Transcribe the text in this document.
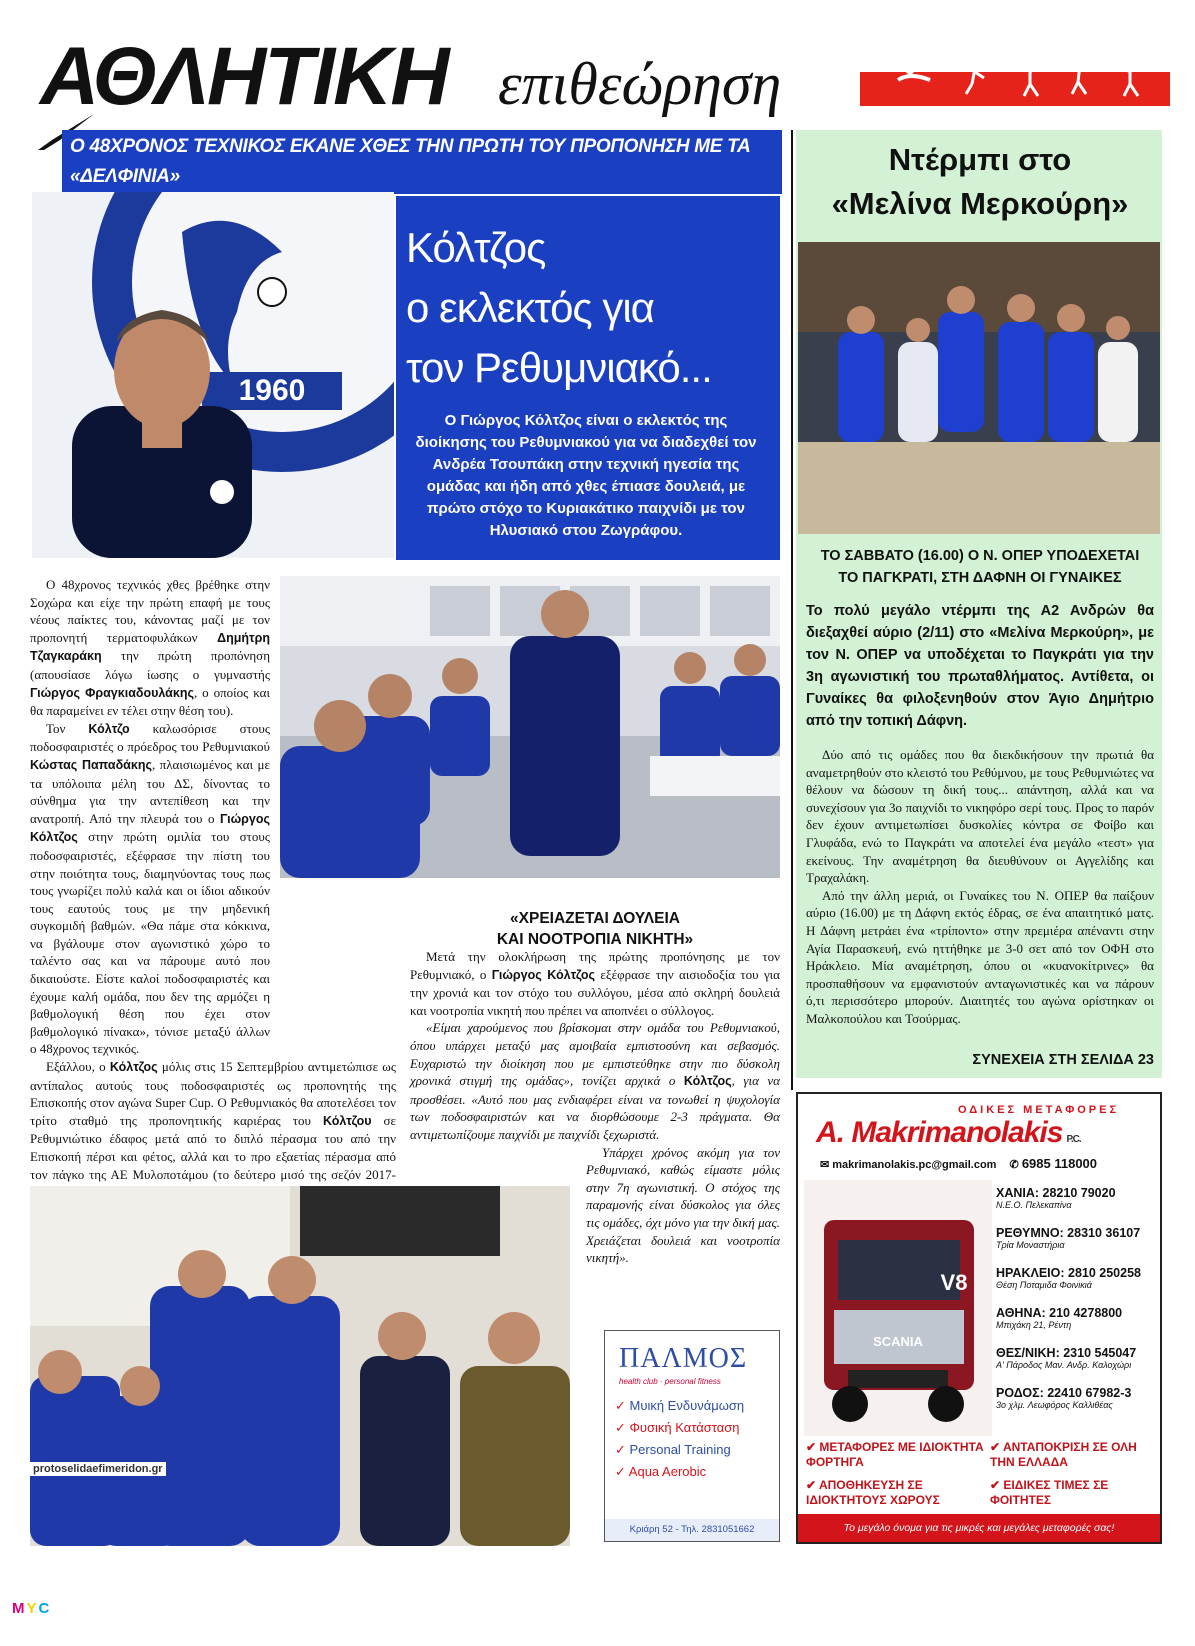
ΑΘΛΗΤΙΚΗ επιθεώρηση

Ο 48ΧΡΟΝΟΣ ΤΕΧΝΙΚΟΣ ΕΚΑΝΕ ΧΘΕΣ ΤΗΝ ΠΡΩΤΗ ΤΟΥ ΠΡΟΠΟΝΗΣΗ ΜΕ ΤΑ «ΔΕΛΦΙΝΙΑ»

1960
Κόλτζος
ο εκλεκτός για
τον Ρεθυμνιακό...

Ο Γιώργος Κόλτζος είναι ο εκλεκτός της διοίκησης του Ρεθυμνιακού για να διαδεχθεί τον Ανδρέα Τσουπάκη στην τεχνική ηγεσία της ομάδας και ήδη από χθες έπιασε δουλειά, με πρώτο στόχο το Κυριακάτικο παιχνίδι με τον Ηλυσιακό στου Ζωγράφου.

Ο 48χρονος τεχνικός χθες βρέθηκε στην Σοχώρα και είχε την πρώτη επαφή με τους νέους παίκτες του, κάνοντας μαζί με τον προπονητή τερματοφυλάκων Δημήτρη Τζαγκαράκη την πρώτη προπόνηση (απουσίασε λόγω ίωσης ο γυμναστής Γιώργος Φραγκιαδουλάκης, ο οποίος και θα παραμείνει εν τέλει στην θέση του).

Τον Κόλτζο καλωσόρισε στους ποδοσφαιριστές ο πρόεδρος του Ρεθυμνιακού Κώστας Παπαδάκης, πλαισιωμένος και με τα υπόλοιπα μέλη του ΔΣ, δίνοντας το σύνθημα για την αντεπίθεση και την ανατροπή. Από την πλευρά του ο Γιώργος Κόλτζος στην πρώτη ομιλία του στους ποδοσφαιριστές, εξέφρασε την πίστη του στην ποιότητα τους, διαμηνύοντας τους πως τους γνωρίζει πολύ καλά και οι ίδιοι αδικούν τους εαυτούς τους με την μηδενική συγκομιδή βαθμών. «Θα πάμε στα κόκκινα, να βγάλουμε στον αγωνιστικό χώρο το ταλέντο σας και να πάρουμε αυτό που δικαιούστε. Είστε καλοί ποδοσφαιριστές και έχουμε καλή ομάδα, που δεν της αρμόζει η βαθμολογική θέση που έχει στον βαθμολογικό πίνακα», τόνισε μεταξύ άλλων ο 48χρονος τεχνικός.

Εξάλλου, ο Κόλτζος μόλις στις 15 Σεπτεμβρίου αντιμετώπισε ως αντίπαλος αυτούς τους ποδοσφαιριστές ως προπονητής της Επισκοπής στον αγώνα Super Cup. Ο Ρεθυμνιακός θα αποτελέσει τον τρίτο σταθμό της προπονητικής καριέρας του Κόλτζου σε Ρεθυμνιώτικο έδαφος μετά από το διπλό πέρασμα του από την Επισκοπή πέρσι και φέτος, αλλά και το προ εξαετίας πέρασμα από τον πάγκο της ΑΕ Μυλοποτάμου (το δεύτερο μισό της σεζόν 2017-

«ΧΡΕΙΑΖΕΤΑΙ ΔΟΥΛΕΙΑ
ΚΑΙ ΝΟΟΤΡΟΠΙΑ ΝΙΚΗΤΗ»

Μετά την ολοκλήρωση της πρώτης προπόνησης με τον Ρεθυμνιακό, ο Γιώργος Κόλτζος εξέφρασε την αισιοδοξία του για την χρονιά και τον στόχο του συλλόγου, μέσα από σκληρή δουλειά και νοοτροπία νικητή που πρέπει να αποπνέει ο σύλλογος.

«Είμαι χαρούμενος που βρίσκομαι στην ομάδα του Ρεθυμνιακού, όπου υπάρχει μεταξύ μας αμοιβαία εμπιστοσύνη και σεβασμός. Ευχαριστώ την διοίκηση που με εμπιστεύθηκε στην πιο δύσκολη χρονικά στιγμή της ομάδας», τονίζει αρχικά ο Κόλτζος, για να προσθέσει. «Αυτό που μας ενδιαφέρει είναι να τονωθεί η ψυχολογία των ποδοσφαιριστών και να διορθώσουμε 2-3 πράγματα. Θα αντιμετωπίζουμε παιχνίδι με παιχνίδι ξεχωριστά.

Υπάρχει χρόνος ακόμη για τον Ρεθυμνιακό, καθώς είμαστε μόλις στην 7η αγωνιστική. Ο στόχος της παραμονής είναι δύσκολος για όλες τις ομάδες, όχι μόνο για την δική μας. Χρειάζεται δουλειά και νοοτροπία νικητή».

protoselidaefimeridon.gr
Ντέρμπι στο
«Μελίνα Μερκούρη»
ΤΟ ΣΑΒΒΑΤΟ (16.00) Ο Ν. ΟΠΕΡ ΥΠΟΔΕΧΕΤΑΙ
ΤΟ ΠΑΓΚΡΑΤΙ, ΣΤΗ ΔΑΦΝΗ ΟΙ ΓΥΝΑΙΚΕΣ
Το πολύ μεγάλο ντέρμπι της Α2 Ανδρών θα διεξαχθεί αύριο (2/11) στο «Μελίνα Μερκούρη», με τον Ν. ΟΠΕΡ να υποδέχεται το Παγκράτι για την 3η αγωνιστική του πρωταθλήματος. Αντίθετα, οι Γυναίκες θα φιλοξενηθούν στον Άγιο Δημήτριο από την τοπική Δάφνη.

Δύο από τις ομάδες που θα διεκδικήσουν την πρωτιά θα αναμετρηθούν στο κλειστό του Ρεθύμνου, με τους Ρεθυμνιώτες να θέλουν να δώσουν τη δική τους... απάντηση, αλλά και να συνεχίσουν για 3ο παιχνίδι το νικηφόρο σερί τους. Προς το παρόν δεν έχουν αντιμετωπίσει δυσκολίες κόντρα σε Φοίβο και Γλυφάδα, ενώ το Παγκράτι να αποτελεί ένα μεγάλο «τεστ» για εκείνους. Την αναμέτρηση θα διευθύνουν οι Αγγελίδης και Τραχαλάκη.

Από την άλλη μεριά, οι Γυναίκες του Ν. ΟΠΕΡ θα παίξουν αύριο (16.00) με τη Δάφνη εκτός έδρας, σε ένα απαιτητικό ματς. Η Δάφνη μετράει ένα «τρίποντο» στην πρεμιέρα απέναντι στην Αγία Παρασκευή, ενώ ηττήθηκε με 3-0 σετ από τον ΟΦΗ στο Ηράκλειο. Μία αναμέτρηση, όπου οι «κυανοκίτρινες» θα προσπαθήσουν να εμφανιστούν ανταγωνιστικές και να πάρουν ό,τι περισσότερο μπορούν. Διαιτητές του αγώνα ορίστηκαν οι Μαλκοπούλου και Τσούρμας.

ΣΥΝΕΧΕΙΑ ΣΤΗ ΣΕΛΙΔΑ 23
ΟΔΙΚΕΣ ΜΕΤΑΦΟΡΕΣ
A. Makrimanolakis P.C.
✉ makrimanolakis.pc@gmail.com ✆ 6985 118000
SCANIA
V8
ΧΑΝΙΑ: 28210 79020
Ν.Ε.Ο. Πελεκαπίνα
ΡΕΘΥΜΝΟ: 28310 36107
Τρία Μοναστήρια
ΗΡΑΚΛΕΙΟ: 2810 250258
Θέση Ποταμιδα Φοινικιά
ΑΘΗΝΑ: 210 4278800
Μπιχάκη 21, Ρέντη
ΘΕΣ/ΝΙΚΗ: 2310 545047
Α' Πάροδος Μαν. Ανδρ. Καλοχώρι
ΡΟΔΟΣ: 22410 67982-3
3ο χλμ. Λεωφόρος Καλλιθέας
✔ ΜΕΤΑΦΟΡΕΣ ΜΕ ΙΔΙΟΚΤΗΤΑ ΦΟΡΤΗΓΑ
✔ ΑΝΤΑΠΟΚΡΙΣΗ ΣΕ ΟΛΗ ΤΗΝ ΕΛΛΑΔΑ
✔ ΑΠΟΘΗΚΕΥΣΗ ΣΕ ΙΔΙΟΚΤΗΤΟΥΣ ΧΩΡΟΥΣ
✔ ΕΙΔΙΚΕΣ ΤΙΜΕΣ ΣΕ ΦΟΙΤΗΤΕΣ
Το μεγάλο όνομα για τις μικρές και μεγάλες μεταφορές σας!
ΠΑΛΜΟΣ
health club · personal fitness
✓ Μυική Ενδυνάμωση
✓ Φυσική Κατάσταση
✓ Personal Training
✓ Aqua Aerobic
Κριάρη 52 - Τηλ. 2831051662
MYC
